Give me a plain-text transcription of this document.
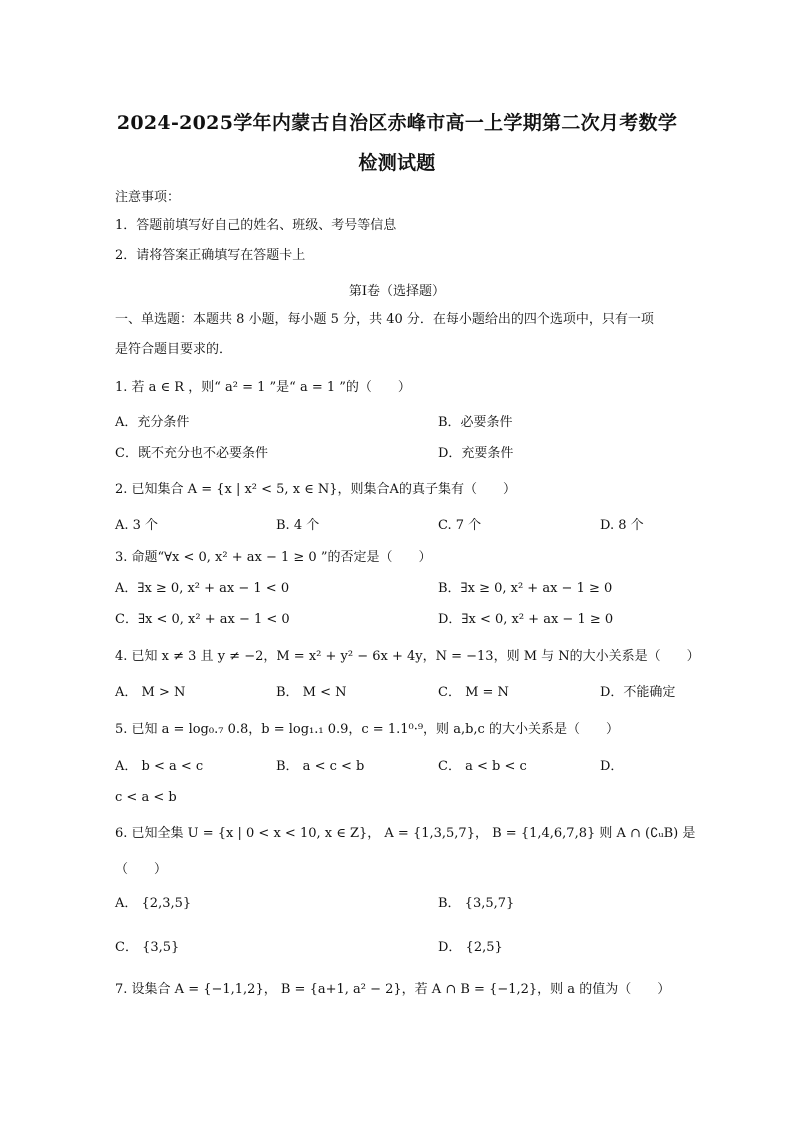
2024-2025学年内蒙古自治区赤峰市高一上学期第二次月考数学
检测试题
注意事项：
1．答题前填写好自己的姓名、班级、考号等信息
2．请将答案正确填写在答题卡上
第I卷（选择题）
一、单选题：本题共 8 小题，每小题 5 分，共 40 分．在每小题给出的四个选项中，只有一项
是符合题目要求的．
1. 若 a ∈ R ，则“ a² = 1 ”是“ a = 1 ”的（　　）
A．充分条件	B．必要条件
C．既不充分也不必要条件	D．充要条件
2. 已知集合 A = {x | x² < 5, x ∈ N}，则集合A的真子集有（　　）
A. 3 个	B. 4 个	C. 7 个	D. 8 个
3. 命题“∀x < 0, x² + ax − 1 ≥ 0 ”的否定是（　　）
A．∃x ≥ 0, x² + ax − 1 < 0	B．∃x ≥ 0, x² + ax − 1 ≥ 0
C．∃x < 0, x² + ax − 1 < 0	D．∃x < 0, x² + ax − 1 ≥ 0
4. 已知 x ≠ 3 且 y ≠ −2，M = x² + y² − 6x + 4y，N = −13，则 M 与 N的大小关系是（　　）
A． M > N	B． M < N	C． M = N	D．不能确定
5. 已知 a = log₀.₇ 0.8，b = log₁.₁ 0.9，c = 1.1⁰·⁹，则 a,b,c 的大小关系是（　　）
A． b < a < c	B． a < c < b	C． a < b < c	D．
c < a < b
6. 已知全集 U = {x | 0 < x < 10, x ∈ Z}， A = {1,3,5,7}， B = {1,4,6,7,8} 则 A ∩ (∁ᵤB) 是
（　　）
A． {2,3,5}	B． {3,5,7}
C． {3,5}	D． {2,5}
7. 设集合 A = {−1,1,2}， B = {a+1, a² − 2}，若 A ∩ B = {−1,2}，则 a 的值为（　　）
